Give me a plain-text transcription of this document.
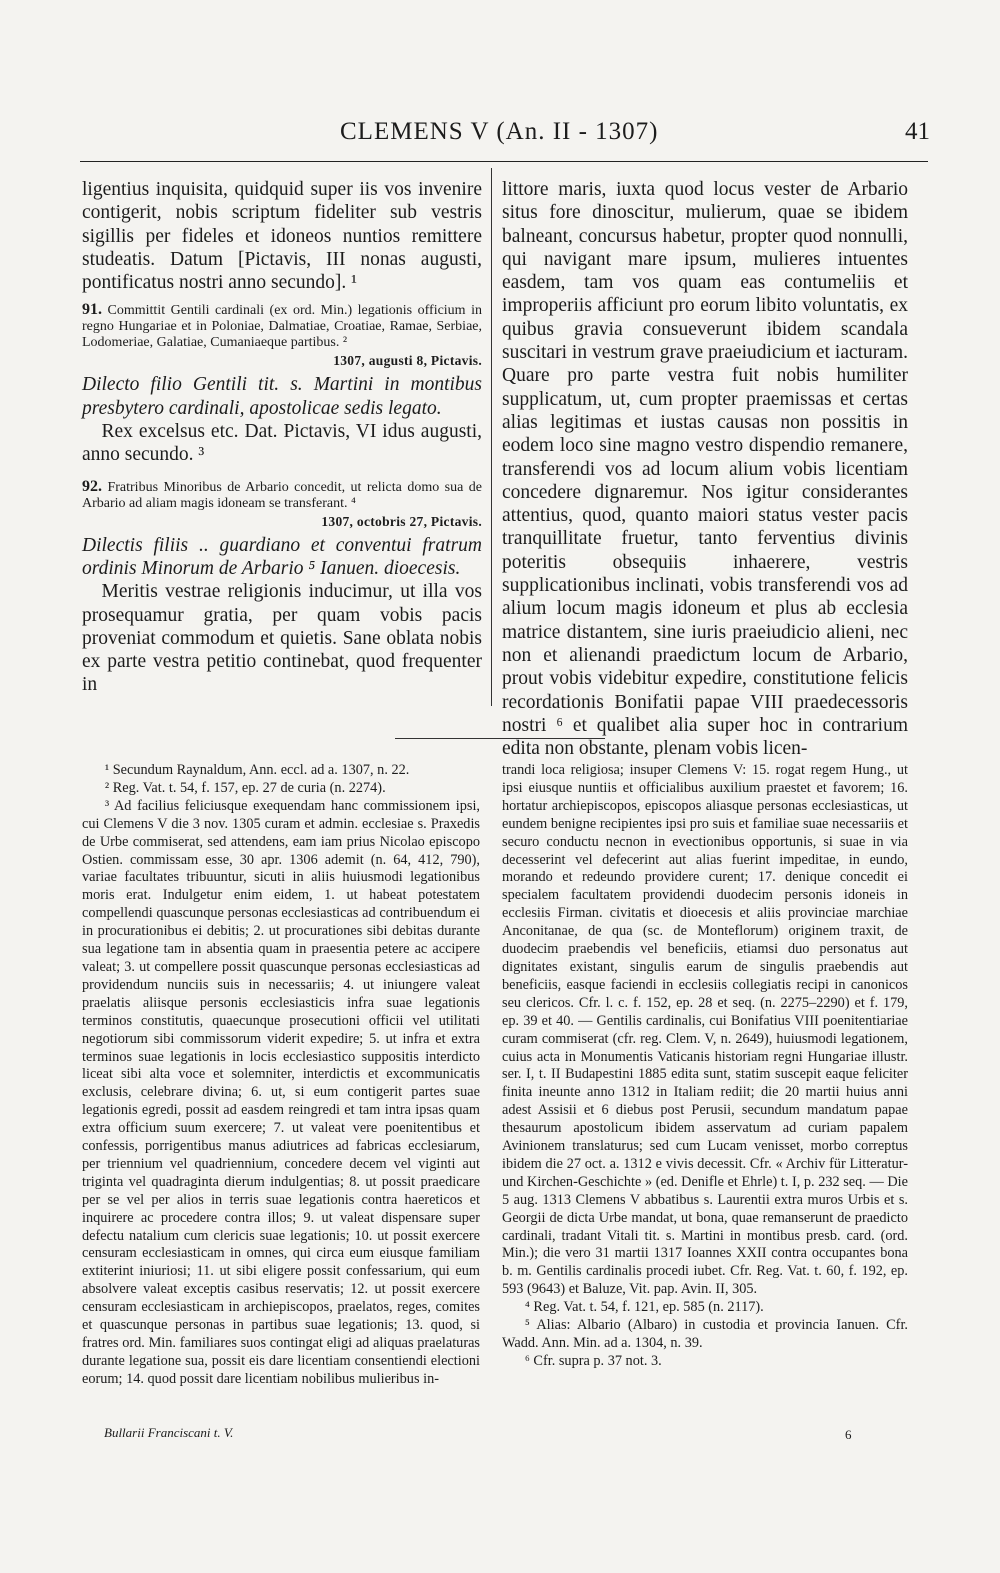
CLEMENS V (An. II - 1307)	41

ligentius inquisita, quidquid super iis vos invenire contigerit, nobis scriptum fideliter sub vestris sigillis per fideles et idoneos nuntios remittere studeatis. Datum [Pictavis, III nonas augusti, pontificatus nostri anno secundo]. ¹

91. Committit Gentili cardinali (ex ord. Min.) legationis officium in regno Hungariae et in Poloniae, Dalmatiae, Croatiae, Ramae, Serbiae, Lodomeriae, Galatiae, Cumaniaeque partibus. ²

1307, augusti 8, Pictavis.

Dilecto filio Gentili tit. s. Martini in montibus presbytero cardinali, apostolicae sedis legato.

Rex excelsus etc. Dat. Pictavis, VI idus augusti, anno secundo. ³

92. Fratribus Minoribus de Arbario concedit, ut relicta domo sua de Arbario ad aliam magis idoneam se transferant. ⁴

1307, octobris 27, Pictavis.

Dilectis filiis .. guardiano et conventui fratrum ordinis Minorum de Arbario ⁵ Ianuen. dioecesis.

Meritis vestrae religionis inducimur, ut illa vos prosequamur gratia, per quam vobis pacis proveniat commodum et quietis. Sane oblata nobis ex parte vestra petitio continebat, quod frequenter in

littore maris, iuxta quod locus vester de Arbario situs fore dinoscitur, mulierum, quae se ibidem balneant, concursus habetur, propter quod nonnulli, qui navigant mare ipsum, mulieres intuentes easdem, tam vos quam eas contumeliis et improperiis afficiunt pro eorum libito voluntatis, ex quibus gravia consueverunt ibidem scandala suscitari in vestrum grave praeiudicium et iacturam. Quare pro parte vestra fuit nobis humiliter supplicatum, ut, cum propter praemissas et certas alias legitimas et iustas causas non possitis in eodem loco sine magno vestro dispendio remanere, transferendi vos ad locum alium vobis licentiam concedere dignaremur. Nos igitur considerantes attentius, quod, quanto maiori status vester pacis tranquillitate fruetur, tanto ferventius divinis poteritis obsequiis inhaerere, vestris supplicationibus inclinati, vobis transferendi vos ad alium locum magis idoneum et plus ab ecclesia matrice distantem, sine iuris praeiudicio alieni, nec non et alienandi praedictum locum de Arbario, prout vobis videbitur expedire, constitutione felicis recordationis Bonifatii papae VIII praedecessoris nostri ⁶ et qualibet alia super hoc in contrarium edita non obstante, plenam vobis licen-

¹ Secundum Raynaldum, Ann. eccl. ad a. 1307, n. 22.

² Reg. Vat. t. 54, f. 157, ep. 27 de curia (n. 2274).

³ Ad facilius feliciusque exequendam hanc commissionem ipsi, cui Clemens V die 3 nov. 1305 curam et admin. ecclesiae s. Praxedis de Urbe commiserat, sed attendens, eam iam prius Nicolao episcopo Ostien. commissam esse, 30 apr. 1306 ademit (n. 64, 412, 790), variae facultates tribuuntur, sicuti in aliis huiusmodi legationibus moris erat. Indulgetur enim eidem, 1. ut habeat potestatem compellendi quascunque personas ecclesiasticas ad contribuendum ei in procurationibus ei debitis; 2. ut procurationes sibi debitas durante sua legatione tam in absentia quam in praesentia petere ac accipere valeat; 3. ut compellere possit quascunque personas ecclesiasticas ad providendum nunciis suis in necessariis; 4. ut iniungere valeat praelatis aliisque personis ecclesiasticis infra suae legationis terminos constitutis, quaecunque prosecutioni officii vel utilitati negotiorum sibi commissorum viderit expedire; 5. ut infra et extra terminos suae legationis in locis ecclesiastico suppositis interdicto liceat sibi alta voce et solemniter, interdictis et excommunicatis exclusis, celebrare divina; 6. ut, si eum contigerit partes suae legationis egredi, possit ad easdem reingredi et tam intra ipsas quam extra officium suum exercere; 7. ut valeat vere poenitentibus et confessis, porrigentibus manus adiutrices ad fabricas ecclesiarum, per triennium vel quadriennium, concedere decem vel viginti aut triginta vel quadraginta dierum indulgentias; 8. ut possit praedicare per se vel per alios in terris suae legationis contra haereticos et inquirere ac procedere contra illos; 9. ut valeat dispensare super defectu natalium cum clericis suae legationis; 10. ut possit exercere censuram ecclesiasticam in omnes, qui circa eum eiusque familiam extiterint iniuriosi; 11. ut sibi eligere possit confessarium, qui eum absolvere valeat exceptis casibus reservatis; 12. ut possit exercere censuram ecclesiasticam in archiepiscopos, praelatos, reges, comites et quascunque personas in partibus suae legationis; 13. quod, si fratres ord. Min. familiares suos contingat eligi ad aliquas praelaturas durante legatione sua, possit eis dare licentiam consentiendi electioni eorum; 14. quod possit dare licentiam nobilibus mulieribus in-

trandi loca religiosa; insuper Clemens V: 15. rogat regem Hung., ut ipsi eiusque nuntiis et officialibus auxilium praestet et favorem; 16. hortatur archiepiscopos, episcopos aliasque personas ecclesiasticas, ut eundem benigne recipientes ipsi pro suis et familiae suae necessariis et securo conductu necnon in evectionibus opportunis, si suae in via decesserint vel defecerint aut alias fuerint impeditae, in eundo, morando et redeundo providere curent; 17. denique concedit ei specialem facultatem providendi duodecim personis idoneis in ecclesiis Firman. civitatis et dioecesis et aliis provinciae marchiae Anconitanae, de qua (sc. de Monteflorum) originem traxit, de duodecim praebendis vel beneficiis, etiamsi duo personatus aut dignitates existant, singulis earum de singulis praebendis aut beneficiis, easque faciendi in ecclesiis collegiatis recipi in canonicos seu clericos. Cfr. l. c. f. 152, ep. 28 et seq. (n. 2275–2290) et f. 179, ep. 39 et 40. — Gentilis cardinalis, cui Bonifatius VIII poenitentiariae curam commiserat (cfr. reg. Clem. V, n. 2649), huiusmodi legationem, cuius acta in Monumentis Vaticanis historiam regni Hungariae illustr. ser. I, t. II Budapestini 1885 edita sunt, statim suscepit eaque feliciter finita ineunte anno 1312 in Italiam rediit; die 20 martii huius anni adest Assisii et 6 diebus post Perusii, secundum mandatum papae thesaurum apostolicum ibidem asservatum ad curiam papalem Avinionem translaturus; sed cum Lucam venisset, morbo correptus ibidem die 27 oct. a. 1312 e vivis decessit. Cfr. « Archiv für Litteratur-und Kirchen-Geschichte » (ed. Denifle et Ehrle) t. I, p. 232 seq. — Die 5 aug. 1313 Clemens V abbatibus s. Laurentii extra muros Urbis et s. Georgii de dicta Urbe mandat, ut bona, quae remanserunt de praedicto cardinali, tradant Vitali tit. s. Martini in montibus presb. card. (ord. Min.); die vero 31 martii 1317 Ioannes XXII contra occupantes bona b. m. Gentilis cardinalis procedi iubet. Cfr. Reg. Vat. t. 60, f. 192, ep. 593 (9643) et Baluze, Vit. pap. Avin. II, 305.

⁴ Reg. Vat. t. 54, f. 121, ep. 585 (n. 2117).

⁵ Alias: Albario (Albaro) in custodia et provincia Ianuen. Cfr. Wadd. Ann. Min. ad a. 1304, n. 39.

⁶ Cfr. supra p. 37 not. 3.

Bullarii Franciscani t. V.	6
